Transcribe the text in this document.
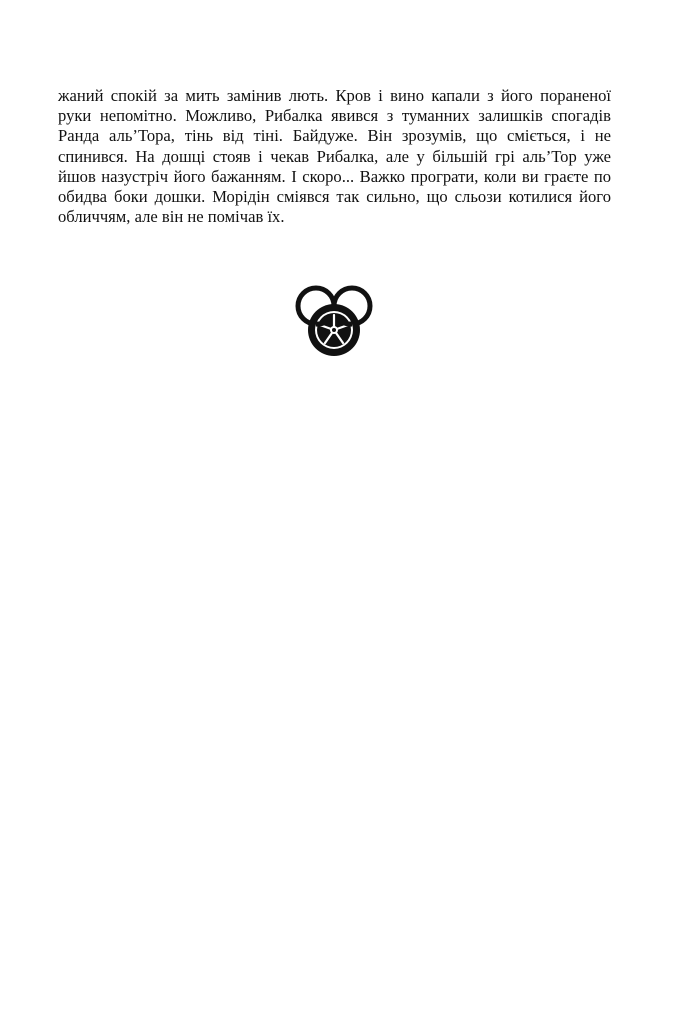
жаний спокій за мить замінив лють. Кров і вино капали з його пораненої

руки непомітно. Можливо, Рибалка явився з туманних залишків спогадів

Ранда аль’Тора, тінь від тіні. Байдуже. Він зрозумів, що сміється, і не

спинився. На дошці стояв і чекав Рибалка, але у більшій грі аль’Тор уже

йшов назустріч його бажанням. І скоро... Важко програти, коли ви граєте по

обидва боки дошки. Морідін сміявся так сильно, що сльози котилися його

обличчям, але він не помічав їх.
